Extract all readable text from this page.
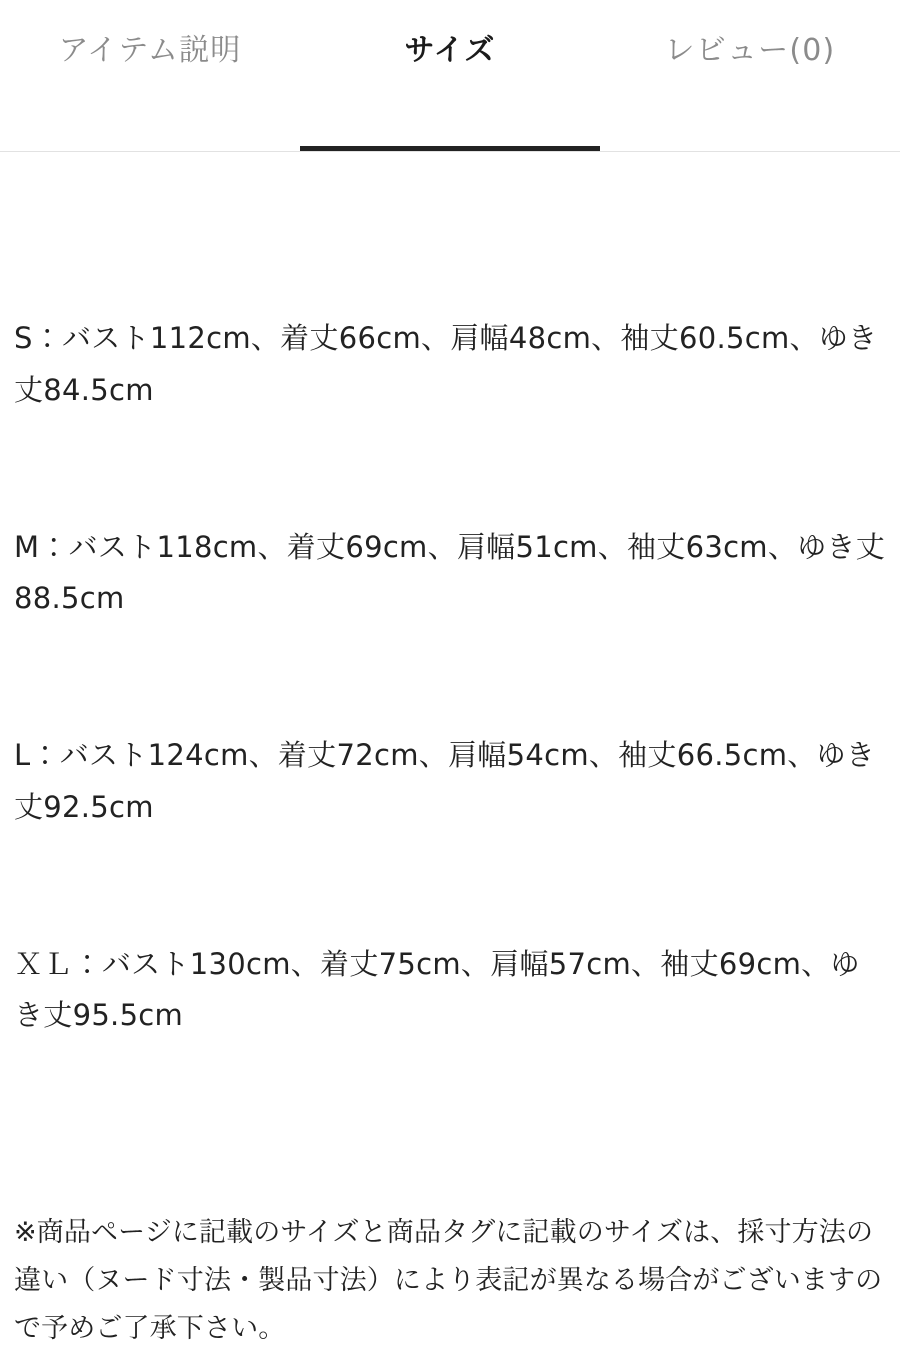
アイテム説明	サイズ	レビュー(0)

S：バスト112cm、着丈66cm、肩幅48cm、袖丈60.5cm、ゆき丈84.5cm

M：バスト118cm、着丈69cm、肩幅51cm、袖丈63cm、ゆき丈88.5cm

L：バスト124cm、着丈72cm、肩幅54cm、袖丈66.5cm、ゆき丈92.5cm

ＸＬ：バスト130cm、着丈75cm、肩幅57cm、袖丈69cm、ゆき丈95.5cm

※商品ページに記載のサイズと商品タグに記載のサイズは、採寸方法の違い（ヌード寸法・製品寸法）により表記が異なる場合がございますので予めご了承下さい。
